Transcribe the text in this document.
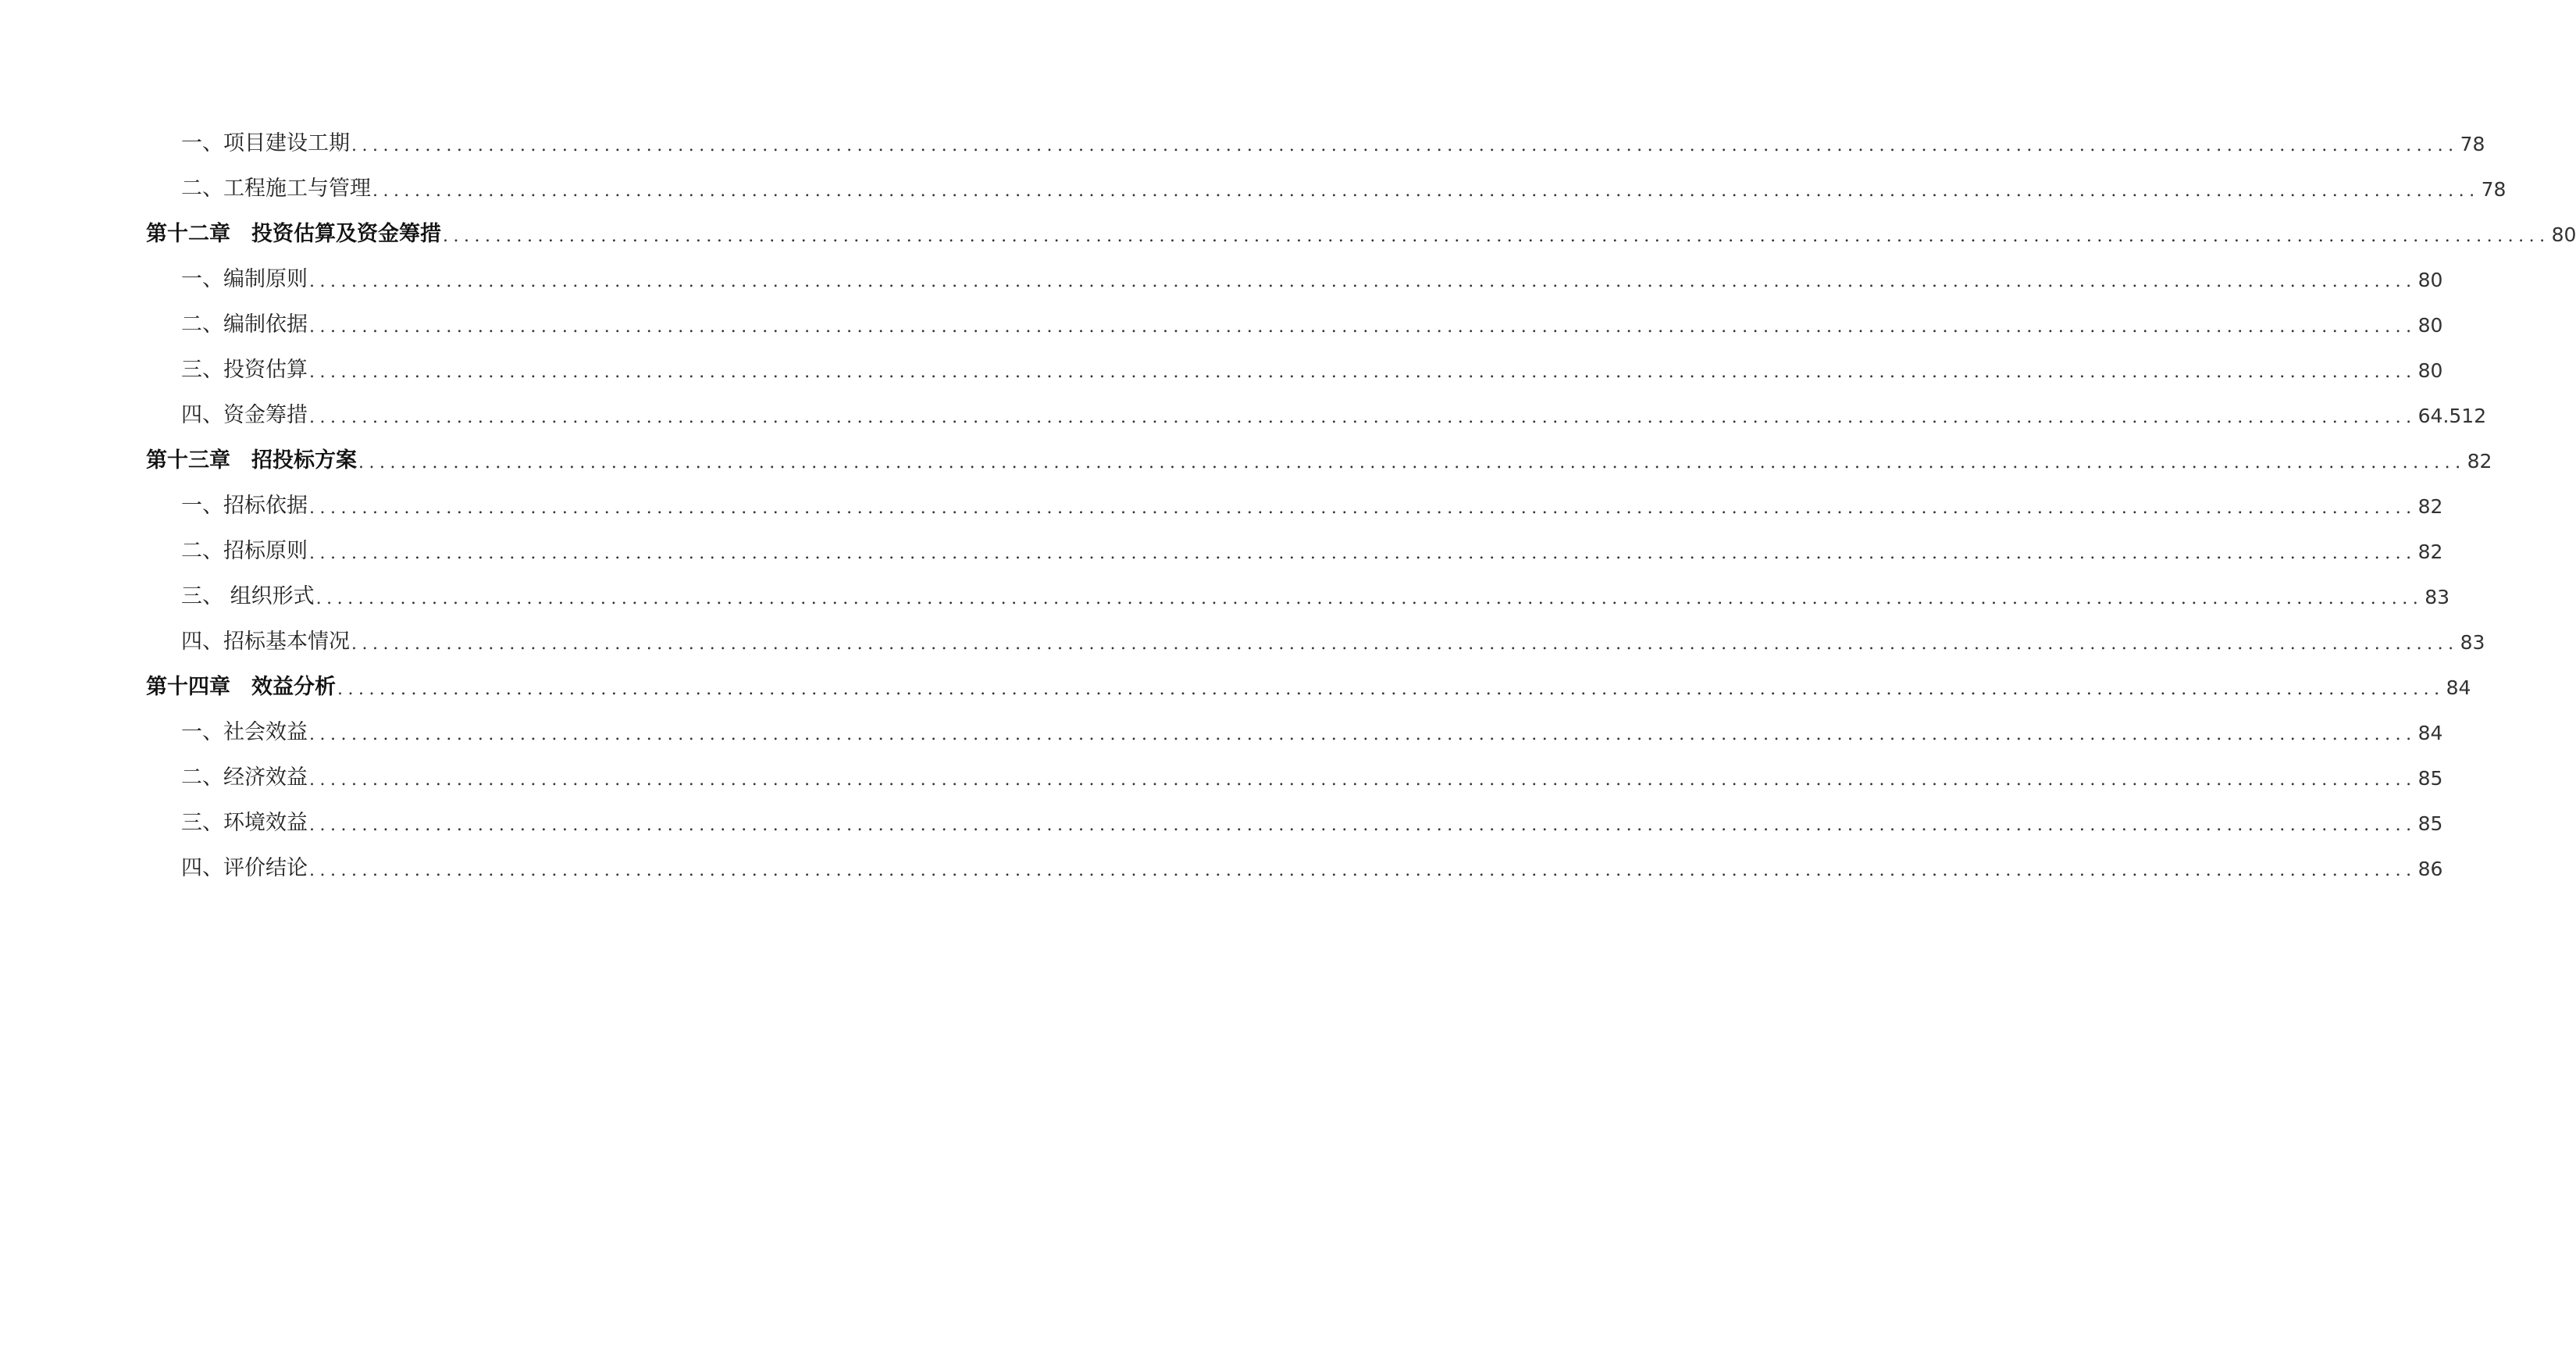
一、项目建设工期 ........................................................................................................................................................................................................ 78
二、工程施工与管理 ........................................................................................................................................................................................................ 78
第十二章　投资估算及资金筹措 ........................................................................................................................................................................................................ 80
一、编制原则 ........................................................................................................................................................................................................ 80
二、编制依据 ........................................................................................................................................................................................................ 80
三、投资估算 ........................................................................................................................................................................................................ 80
四、资金筹措 ........................................................................................................................................................................................................ 64.512
第十三章　招投标方案 ........................................................................................................................................................................................................ 82
一、招标依据 ........................................................................................................................................................................................................ 82
二、招标原则 ........................................................................................................................................................................................................ 82
三、 组织形式 ........................................................................................................................................................................................................ 83
四、招标基本情况 ........................................................................................................................................................................................................ 83
第十四章　效益分析 ........................................................................................................................................................................................................ 84
一、社会效益 ........................................................................................................................................................................................................ 84
二、经济效益 ........................................................................................................................................................................................................ 85
三、环境效益 ........................................................................................................................................................................................................ 85
四、评价结论 ........................................................................................................................................................................................................ 86
